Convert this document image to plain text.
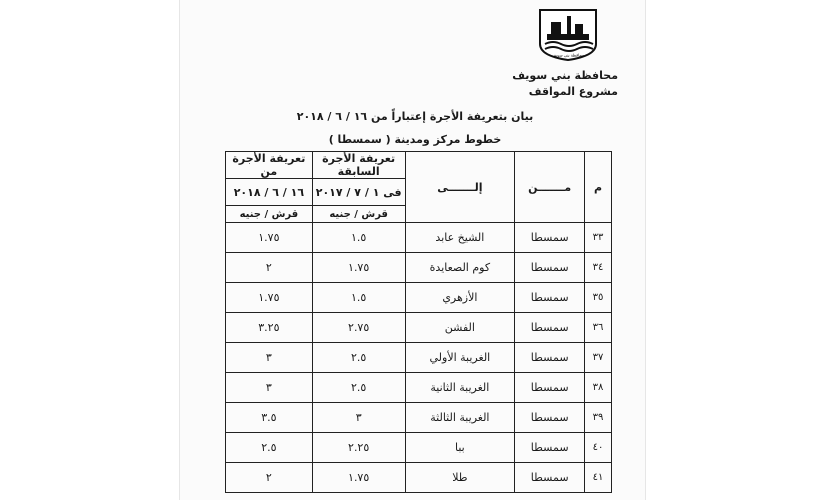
محافظة بني سويف
محافظة بني سويف
مشروع المواقف
بيان بتعريفة الأجرة إعتباراً من ١٦ / ٦ / ٢٠١٨
خطوط مركز ومدينة ( سمسطا )
م	مـــــــن	إلـــــــى	تعريفة الأجرة السابقة	تعريفة الأجرة من
			فى ١ / ٧ / ٢٠١٧	١٦ / ٦ / ٢٠١٨
			قرش / جنيه	قرش / جنيه
٣٣	سمسطا	الشيخ عابد	١.٥	١.٧٥
٣٤	سمسطا	كوم الصعايدة	١.٧٥	٢
٣٥	سمسطا	الأزهري	١.٥	١.٧٥
٣٦	سمسطا	الفشن	٢.٧٥	٣.٢٥
٣٧	سمسطا	الغريبة الأولي	٢.٥	٣
٣٨	سمسطا	الغريبة الثانية	٢.٥	٣
٣٩	سمسطا	الغريبة الثالثة	٣	٣.٥
٤٠	سمسطا	ببا	٢.٢٥	٢.٥
٤١	سمسطا	طلا	١.٧٥	٢
